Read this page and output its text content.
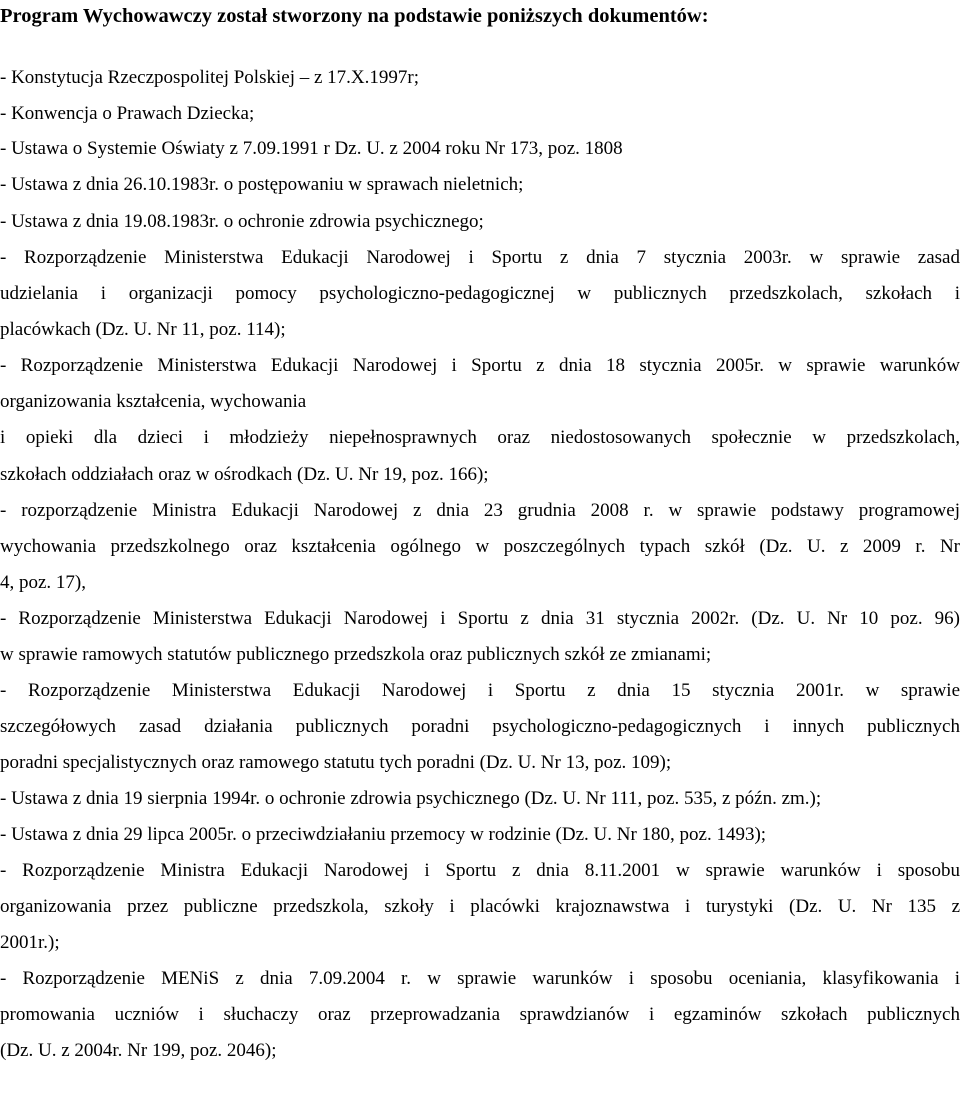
Program Wychowawczy został stworzony na podstawie poniższych dokumentów:
- Konstytucja Rzeczpospolitej Polskiej – z 17.X.1997r;
- Konwencja o Prawach Dziecka;
- Ustawa o Systemie Oświaty z 7.09.1991 r Dz. U. z 2004 roku Nr 173, poz. 1808
- Ustawa z dnia 26.10.1983r. o postępowaniu w sprawach nieletnich;
- Ustawa z dnia 19.08.1983r. o ochronie zdrowia psychicznego;
- Rozporządzenie Ministerstwa Edukacji Narodowej i Sportu z dnia 7 stycznia 2003r. w sprawie zasad
udzielania i organizacji pomocy psychologiczno-pedagogicznej w publicznych przedszkolach, szkołach i
placówkach (Dz. U. Nr 11, poz. 114);
- Rozporządzenie Ministerstwa Edukacji Narodowej i Sportu z dnia 18 stycznia 2005r. w sprawie warunków
organizowania kształcenia, wychowania
i opieki dla dzieci i młodzieży niepełnosprawnych oraz niedostosowanych społecznie w przedszkolach,
szkołach oddziałach oraz w ośrodkach (Dz. U. Nr 19, poz. 166);
- rozporządzenie Ministra Edukacji Narodowej z dnia 23 grudnia 2008 r. w sprawie podstawy programowej
wychowania przedszkolnego oraz kształcenia ogólnego w poszczególnych typach szkół (Dz. U. z 2009 r. Nr
4, poz. 17),
- Rozporządzenie Ministerstwa Edukacji Narodowej i Sportu z dnia 31 stycznia 2002r. (Dz. U. Nr 10 poz. 96)
w sprawie ramowych statutów publicznego przedszkola oraz publicznych szkół ze zmianami;
- Rozporządzenie Ministerstwa Edukacji Narodowej i Sportu z dnia 15 stycznia 2001r. w sprawie
szczegółowych zasad działania publicznych poradni psychologiczno-pedagogicznych i innych publicznych
poradni specjalistycznych oraz ramowego statutu tych poradni (Dz. U. Nr 13, poz. 109);
- Ustawa z dnia 19 sierpnia 1994r. o ochronie zdrowia psychicznego (Dz. U. Nr 111, poz. 535, z późn. zm.);
- Ustawa z dnia 29 lipca 2005r. o przeciwdziałaniu przemocy w rodzinie (Dz. U. Nr 180, poz. 1493);
- Rozporządzenie Ministra Edukacji Narodowej i Sportu z dnia 8.11.2001 w sprawie warunków i sposobu
organizowania przez publiczne przedszkola, szkoły i placówki krajoznawstwa i turystyki (Dz. U. Nr 135 z
2001r.);
- Rozporządzenie MENiS z dnia 7.09.2004 r. w sprawie warunków i sposobu oceniania, klasyfikowania i
promowania uczniów i słuchaczy oraz przeprowadzania sprawdzianów i egzaminów szkołach publicznych
(Dz. U. z 2004r. Nr 199, poz. 2046);
